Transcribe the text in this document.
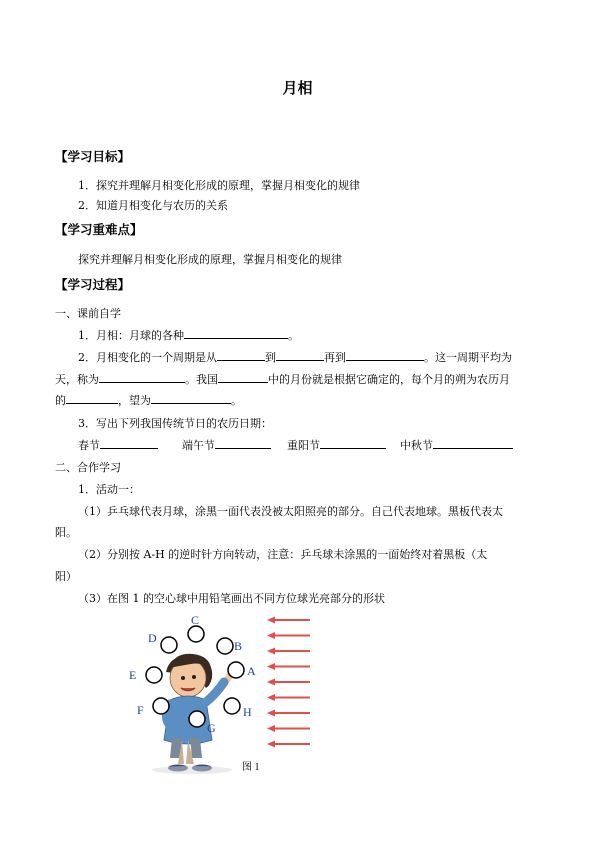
月相
【学习目标】
1．探究并理解月相变化形成的原理，掌握月相变化的规律
2．知道月相变化与农历的关系
【学习重难点】
探究并理解月相变化形成的原理，掌握月相变化的规律
【学习过程】
一、课前自学
1．月相：月球的各种	。
2．月相变化的一个周期是从	到	再到	。这一周期平均为
天，称为	。我国	中的月份就是根据它确定的，每个月的朔为农历月
的	，望为	。
3．写出下列我国传统节日的农历日期：
春节	端午节	重阳节	中秋节
二、合作学习
1．活动一：
（1）乒乓球代表月球，涂黑一面代表没被太阳照亮的部分。自己代表地球。黑板代表太
阳。
（2）分别按 A-H 的逆时针方向转动，注意：乒乓球未涂黑的一面始终对着黑板（太
阳）
（3）在图 1 的空心球中用铅笔画出不同方位球光亮部分的形状
C
D
B
E	A
F	H
G
图 1
